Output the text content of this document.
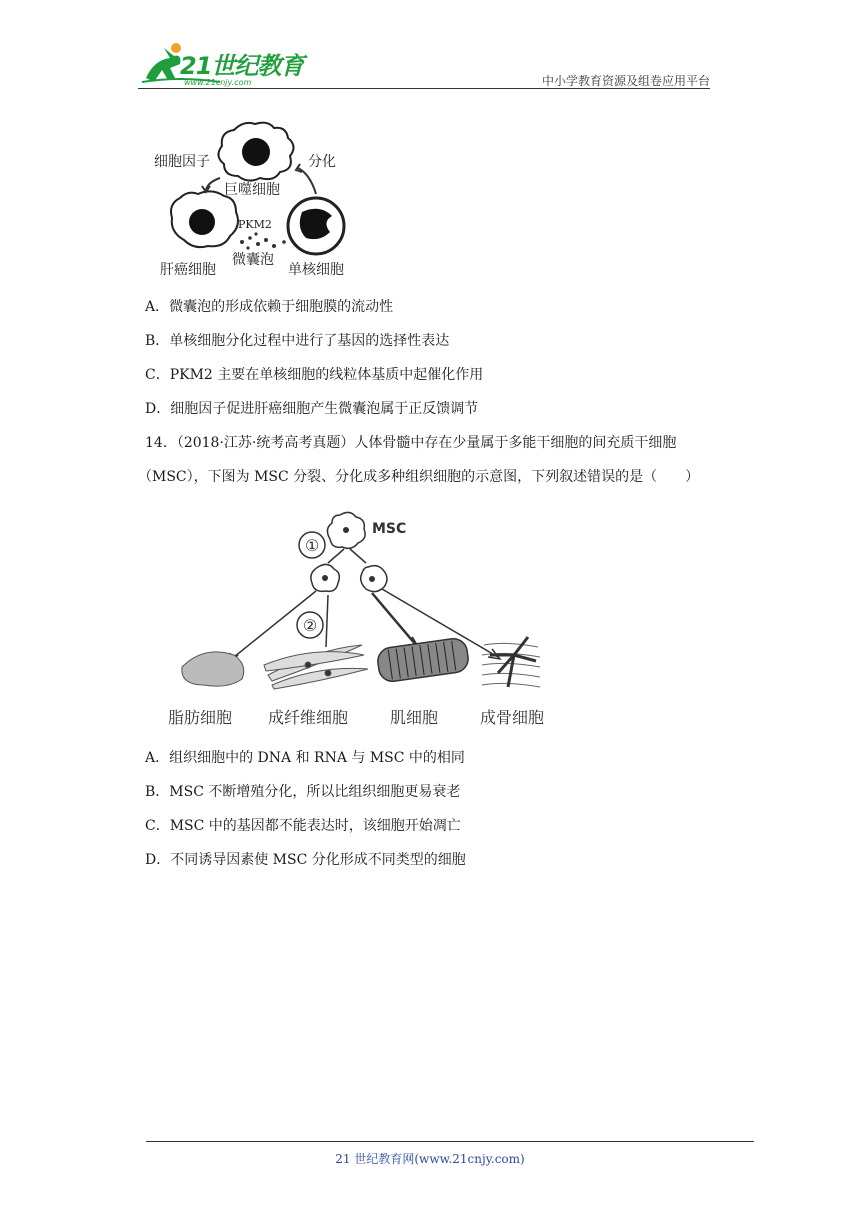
21世纪教育
www.21cnjy.com	中小学教育资源及组卷应用平台
细胞因子	分化
巨噬细胞
PKM2
肝癌细胞
微囊泡
单核细胞
A．微囊泡的形成依赖于细胞膜的流动性
B．单核细胞分化过程中进行了基因的选择性表达
C．PKM2 主要在单核细胞的线粒体基质中起催化作用
D．细胞因子促进肝癌细胞产生微囊泡属于正反馈调节
14．（2018·江苏·统考高考真题）人体骨髓中存在少量属于多能干细胞的间充质干细胞
（MSC），下图为 MSC 分裂、分化成多种组织细胞的示意图，下列叙述错误的是（　　）
MSC
①
②
脂肪细胞 成纤维细胞	肌细胞	成骨细胞
A．组织细胞中的 DNA 和 RNA 与 MSC 中的相同
B．MSC 不断增殖分化，所以比组织细胞更易衰老
C．MSC 中的基因都不能表达时，该细胞开始凋亡
D．不同诱导因素使 MSC 分化形成不同类型的细胞
21 世纪教育网(www.21cnjy.com)
